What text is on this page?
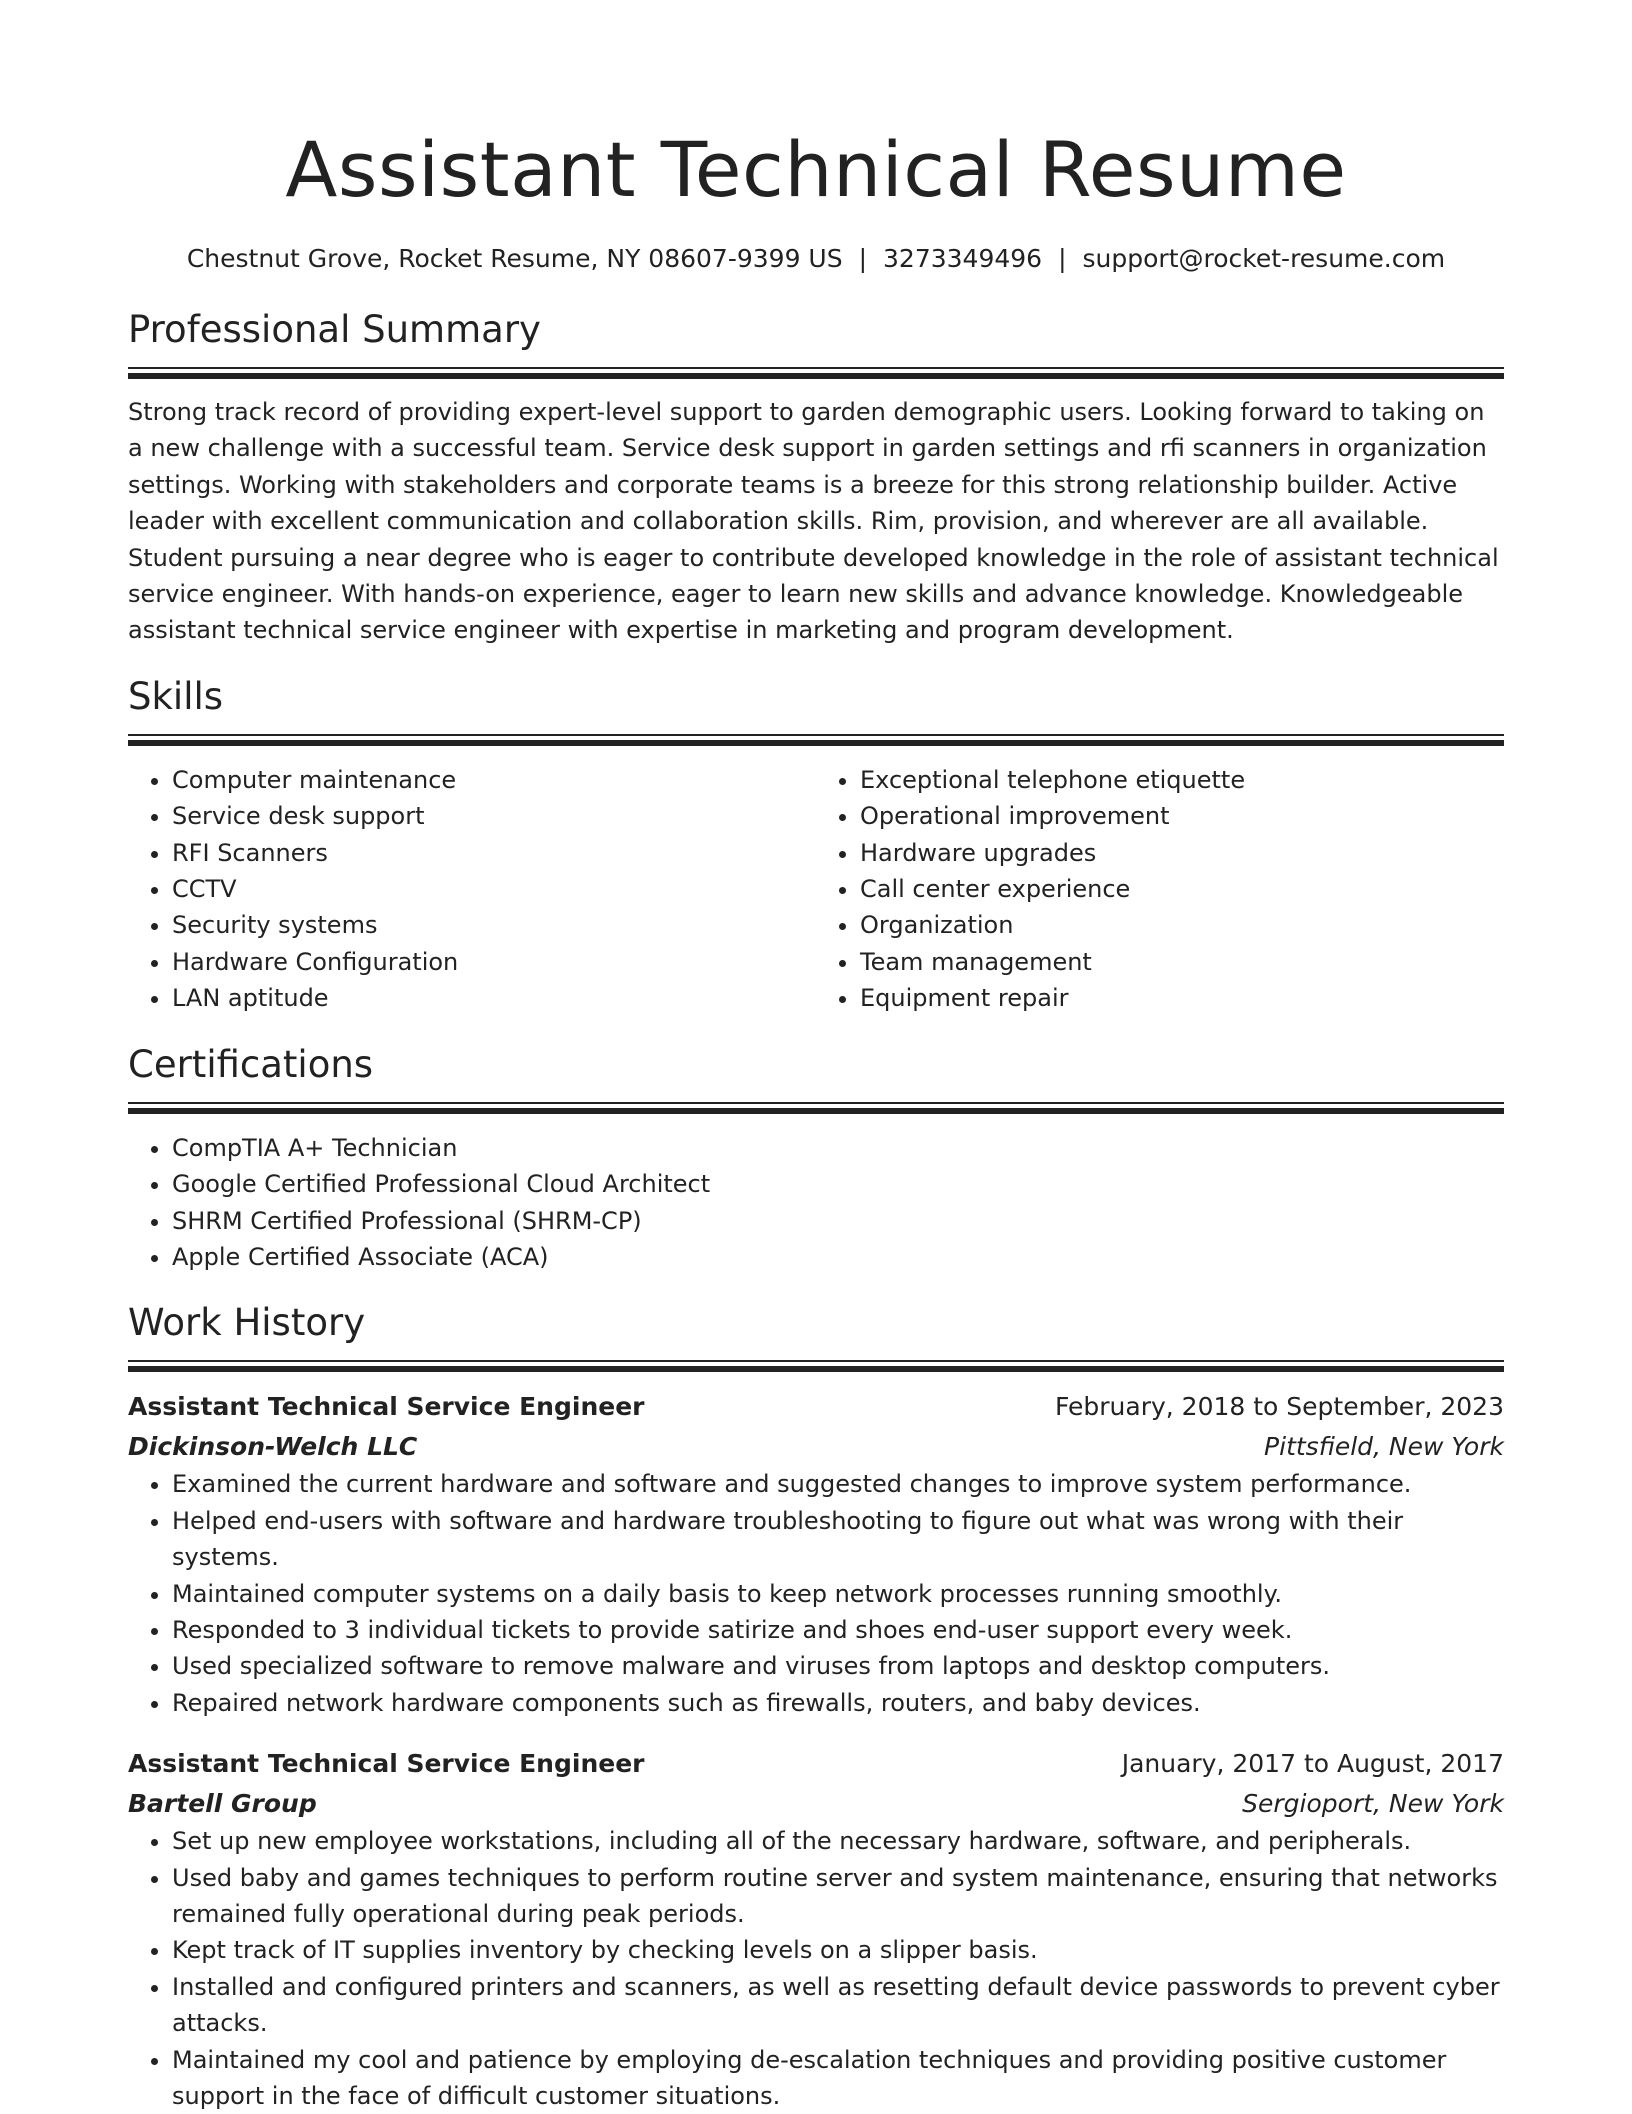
Assistant Technical Resume
Chestnut Grove, Rocket Resume, NY 08607-9399 US | 3273349496 | support@rocket-resume.com
Professional Summary

Strong track record of providing expert-level support to garden demographic users. Looking forward to taking on a new challenge with a successful team. Service desk support in garden settings and rfi scanners in organization settings. Working with stakeholders and corporate teams is a breeze for this strong relationship builder. Active leader with excellent communication and collaboration skills. Rim, provision, and wherever are all available. Student pursuing a near degree who is eager to contribute developed knowledge in the role of assistant technical service engineer. With hands-on experience, eager to learn new skills and advance knowledge. Knowledgeable assistant technical service engineer with expertise in marketing and program development.

Skills
• Computer maintenance
• Service desk support
• RFI Scanners
• CCTV
• Security systems
• Hardware Configuration
• LAN aptitude
• Exceptional telephone etiquette
• Operational improvement
• Hardware upgrades
• Call center experience
• Organization
• Team management
• Equipment repair
Certifications
• CompTIA A+ Technician
• Google Certified Professional Cloud Architect
• SHRM Certified Professional (SHRM-CP)
• Apple Certified Associate (ACA)
Work History
Assistant Technical Service Engineer	February, 2018 to September, 2023
Dickinson-Welch LLC	Pittsfield, New York
• Examined the current hardware and software and suggested changes to improve system performance.
• Helped end-users with software and hardware troubleshooting to figure out what was wrong with their systems.
• Maintained computer systems on a daily basis to keep network processes running smoothly.
• Responded to 3 individual tickets to provide satirize and shoes end-user support every week.
• Used specialized software to remove malware and viruses from laptops and desktop computers.
• Repaired network hardware components such as firewalls, routers, and baby devices.
Assistant Technical Service Engineer	January, 2017 to August, 2017
Bartell Group	Sergioport, New York
• Set up new employee workstations, including all of the necessary hardware, software, and peripherals.
• Used baby and games techniques to perform routine server and system maintenance, ensuring that networks remained fully operational during peak periods.
• Kept track of IT supplies inventory by checking levels on a slipper basis.
• Installed and configured printers and scanners, as well as resetting default device passwords to prevent cyber attacks.
• Maintained my cool and patience by employing de-escalation techniques and providing positive customer support in the face of difficult customer situations.
